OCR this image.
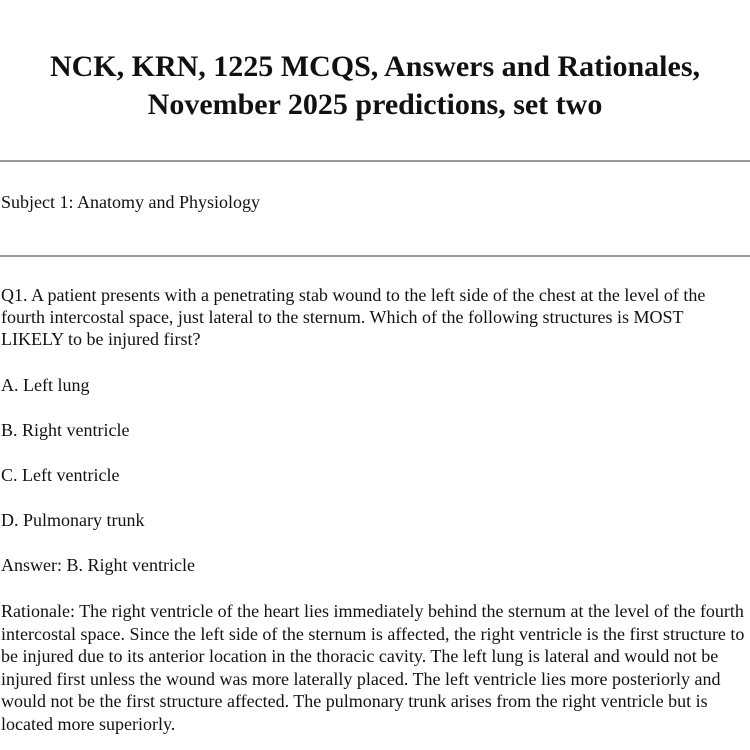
NCK, KRN, 1225 MCQS, Answers and Rationales,
November 2025 predictions, set two

Subject 1: Anatomy and Physiology

Q1. A patient presents with a penetrating stab wound to the left side of the chest at the level of the fourth intercostal space, just lateral to the sternum. Which of the following structures is MOST LIKELY to be injured first?

A. Left lung

B. Right ventricle

C. Left ventricle

D. Pulmonary trunk

Answer: B. Right ventricle

Rationale: The right ventricle of the heart lies immediately behind the sternum at the level of the fourth intercostal space. Since the left side of the sternum is affected, the right ventricle is the first structure to be injured due to its anterior location in the thoracic cavity. The left lung is lateral and would not be injured first unless the wound was more laterally placed. The left ventricle lies more posteriorly and would not be the first structure affected. The pulmonary trunk arises from the right ventricle but is located more superiorly.
